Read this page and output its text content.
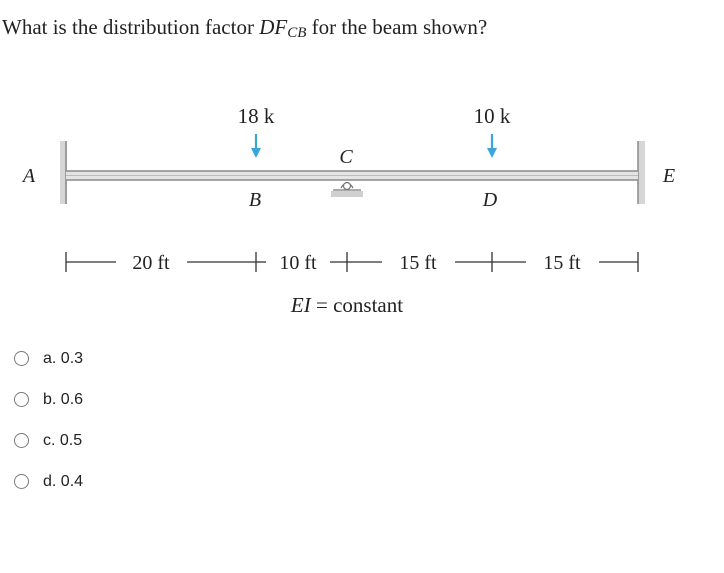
What is the distribution factor $DF_{CB}$ for the beam shown?
18 k	10 k
A
B
C
D
E
20 ft	10 ft	15 ft	15 ft
EI = constant
a. 0.3
b. 0.6
c. 0.5
d. 0.4
